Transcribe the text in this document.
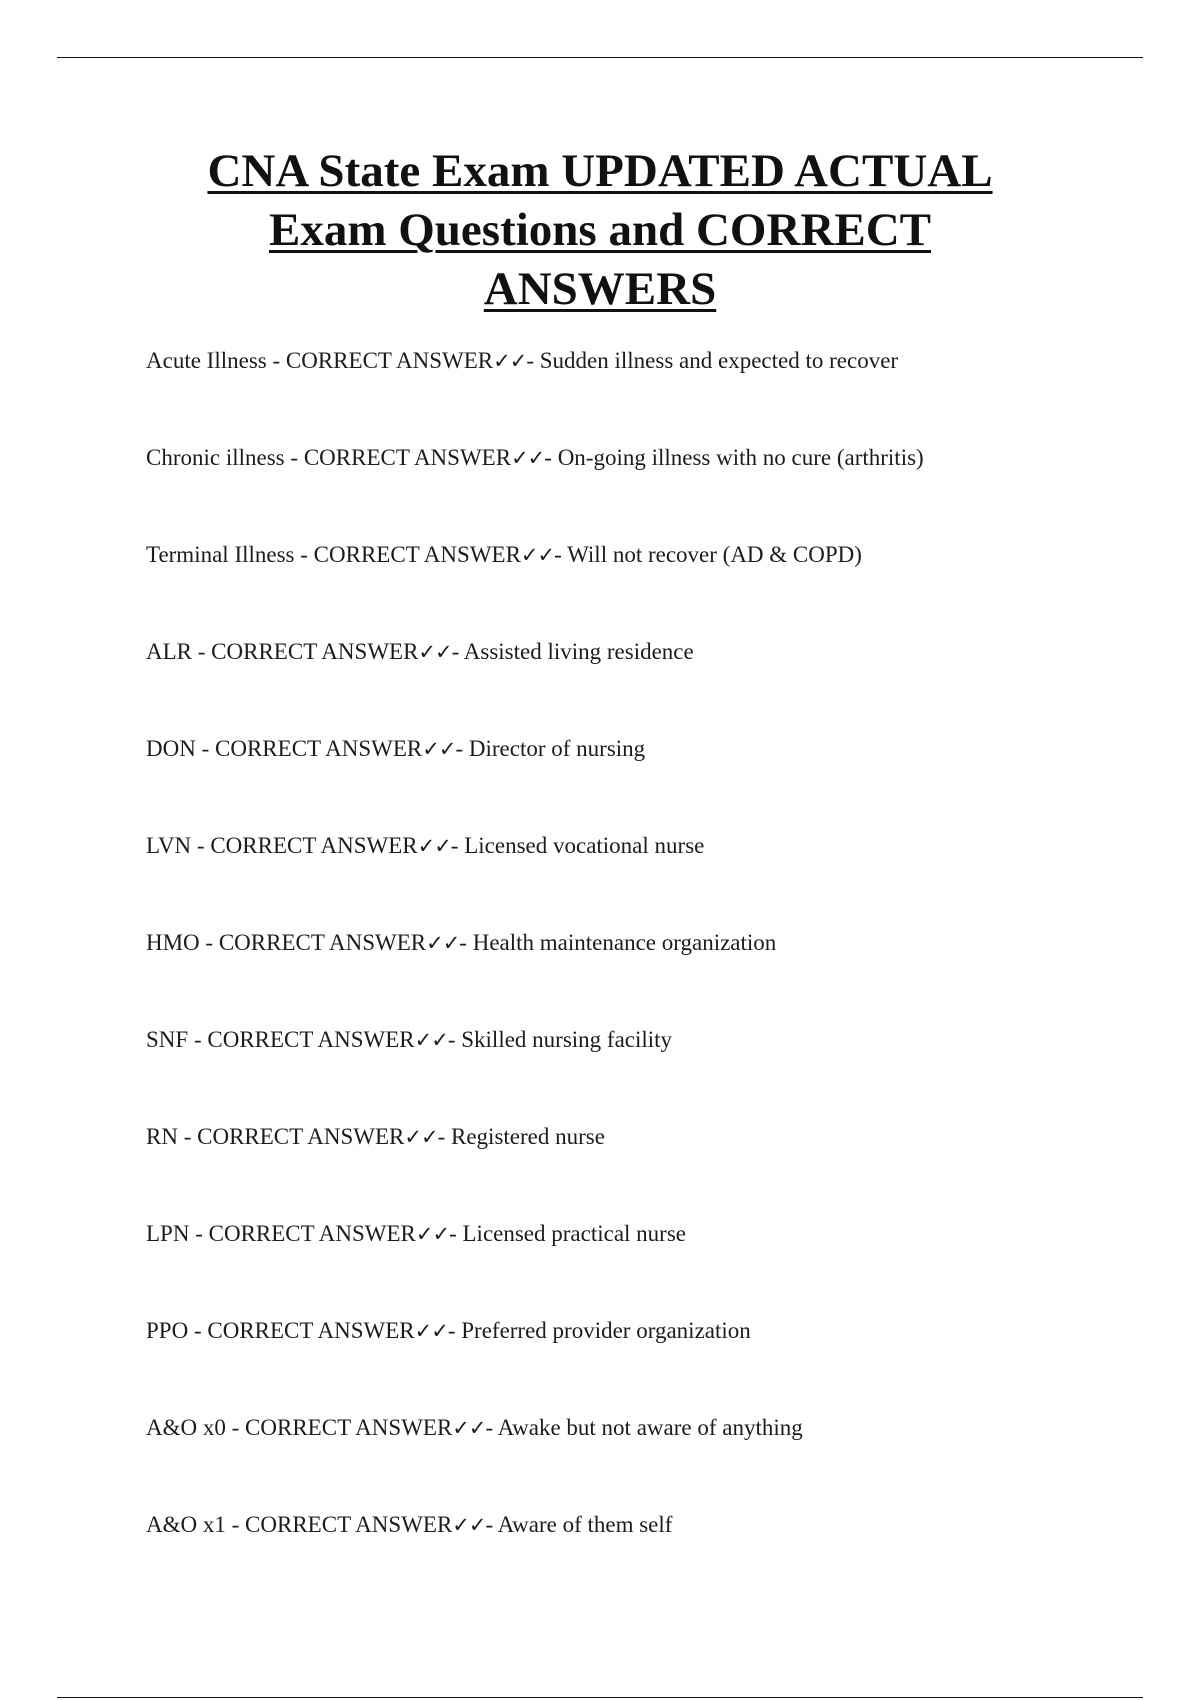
CNA State Exam UPDATED ACTUAL
Exam Questions and CORRECT
ANSWERS
Acute Illness - CORRECT ANSWER✓✓- Sudden illness and expected to recover
Chronic illness - CORRECT ANSWER✓✓- On-going illness with no cure (arthritis)
Terminal Illness - CORRECT ANSWER✓✓- Will not recover (AD & COPD)
ALR - CORRECT ANSWER✓✓- Assisted living residence
DON - CORRECT ANSWER✓✓- Director of nursing
LVN - CORRECT ANSWER✓✓- Licensed vocational nurse
HMO - CORRECT ANSWER✓✓- Health maintenance organization
SNF - CORRECT ANSWER✓✓- Skilled nursing facility
RN - CORRECT ANSWER✓✓- Registered nurse
LPN - CORRECT ANSWER✓✓- Licensed practical nurse
PPO - CORRECT ANSWER✓✓- Preferred provider organization
A&O x0 - CORRECT ANSWER✓✓- Awake but not aware of anything
A&O x1 - CORRECT ANSWER✓✓- Aware of them self
